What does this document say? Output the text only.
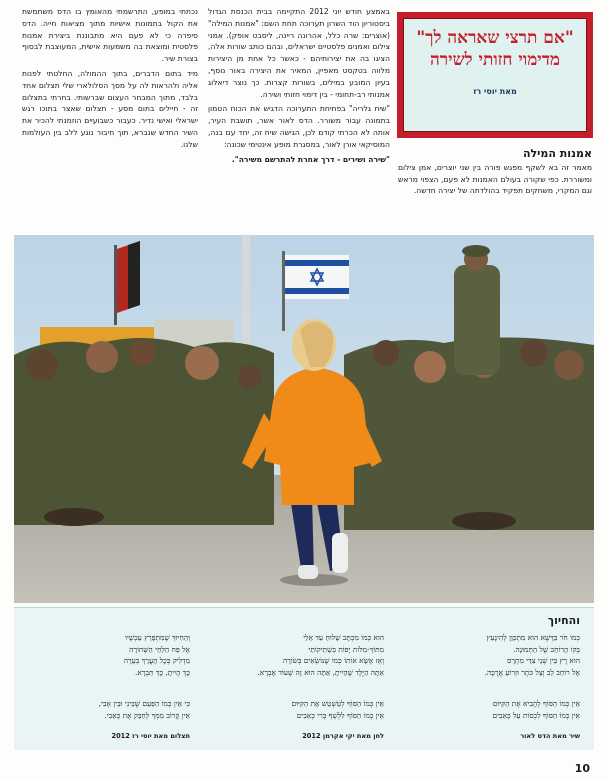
נכתתי במופע, התרשמתי מהאומץ בו הדס משתמשת את הקול בתמונות אישיות מתוך מציאות חייה. הדס סיפרה כי לא פעם היא מתבוננת ביצירת אמנות פלסטית ומוצאת בה משמעות אישית, המעוצבת לבסוף בצורת שיר.

מיד בתום הדברים, בתוך ההמולה, החלטתי לפנות אליה ולהראות לה על מסך הסלולארי שלי תצלום אחד בלבד, מתוך המבחר העצום שברשותי. בחרתי בתצלום זה - חיילים בתום מסע - תצלום שאצר בתוכו רגש ישראלי ואישי נדיר. כעבור כשבועיים הוזמנתי להכיר את השיר החדש שנברא, תוך חיבור נוגע ללב בין העולמות שלנו.

באמצע חודש יוני 2012 התקיימה בבית הכנסת הגדול ביסטוריון הוד השרון תערוכה תחת השם: "אמנות המילה" (אוצרים: שרה כלל, אהרונה ריינה, ליסבט אופק). אמני צילום ואמנים פלסטיים ישראלים, ובהם כותב שורות אלה, הציגו בה את יצירותיהם - כאשר כל אחת מן היצירות מלווה בטקסט מאפיין, המאיר את היצירה באור נוסף, בעיון המובע במילים, בשורות קצרות. כך נוצר דיאלוג אמנותי רב-תחומי - בין דימוי חזותי ושירה.

"שיח גלריה" בפתיחת התערוכה הדגיש את הכוח הטמון בתמונה עבור משורר. הדס לאור אשר, תושבת העיר, אותה לא הכרתי קודם לכן, הגישה שיח זה, יחד עם בנה, המוסיקאי אורן לאור, במסגרת מופע אינטימי שכונה:

"שירה ושירים - דרך אחרת להתרשם משירה".

"אם תרצי שאראה לך"
מדימוי חזותי לשירה
מאת יוסי רז
אמנות המילה

מאמר זה בא לשקף מפגש פורה בין שני יוצרים, אמן צילום ומשוררת. כפי שקורה בעולם האמנות לא פעם, הצפוי מראש וגם המקרי, משחקים תפקיד בהולדתה של יצירה חדשה.

והחיוך
כְּמוֹ חֹר בַּדֶּשֶׁא הוּא מִתְכַּוֵּן לְהִינָעֵץ
בְּקוֹ הָרוֹחַב שֶׁל הַתְּמוּנָה.
הוּא רֶץ בֵּין שְׁנֵי צִדֵּי מִתְרָס
אֶל רוֹחַב לֵב וְצֵל כֹּתֶר וּזְרוֹעַ אֲרֻכָּה.
אֵין כְּמוֹ הַסּוֹף לְהָבִיא אֶת הַקִּיּוּם
אֵין כְּמוֹ הַסּוֹף לִכְסוֹת עַל כְּאֵבִים
שיר מאת הדס לאור
הוּא כְּמוֹ מִכְתָּב שָׁלוּחַ עַד אֵלַי
מִתּוֹךְ-מִלּוֹת יָפוֹת בִּשְׁתִיקוֹתַי
וְאָז אֶשָּׂא אוֹתוֹ כְּמוֹ שֶׁנּוֹשְׂאִים בְּשׂוֹרָה
אַתָּה הַיֶּלֶד שֶׁהָיִיתָ, אַתָּה הוּא זֶה שֶׁעוֹד אֶבְרָא.
אֵין כְּמוֹ הַסּוֹף לְטַשְׁטֵשׁ אֶת הַקִּיּוּם
אֵין כְּמוֹ הַסּוֹף לִלְשֵׁף בְּרִי כְּאֵבִים
לחן מאת יקי אקרמן 2012
וְהַחִיּוּךְ שֶׁמִּתְפָּרֵץ עַכְשָׁיו
אֶל פַּח הַלַּחַי הַשְּׁחוֹרָה
מַדְלִיק בְּכָל הָעֲרָךְ בְּעֵרָה
כָּךְ הָיִיתָ, כָּךְ תִּבְרָא.
כִּי אֵין כְּמוֹ הַפַּעַם שֶׁבֵּינִי וּבֵין אָבִי,
אֵין קָרוֹב מִמְּךָ לְחַבֵּק אֶת כְּאֵבִי.
תצלום מאת יוסי רז 2012
10
